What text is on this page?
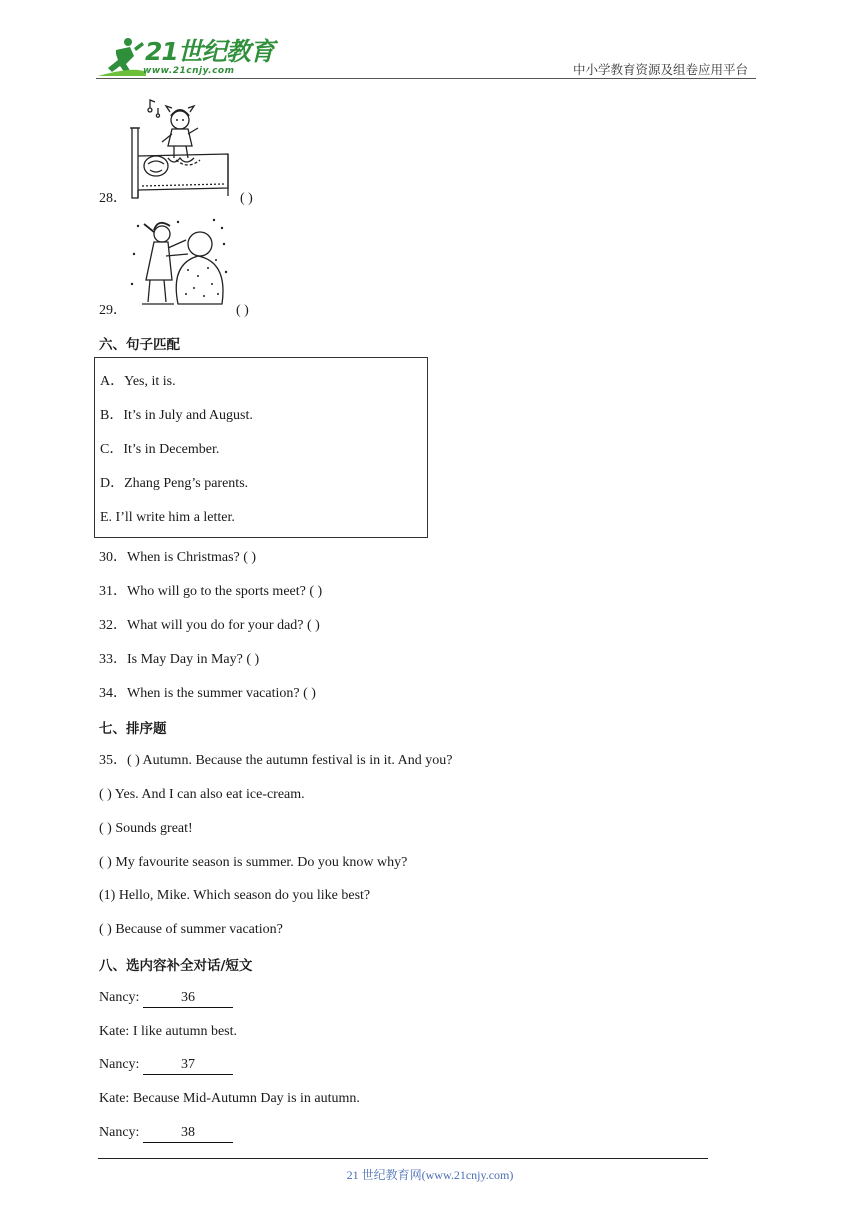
21世纪教育
www.21cnjy.com	中小学教育资源及组卷应用平台
28．	( )
29．	( )
六、句子匹配
A．Yes, it is.
B．It’s in July and August.
C．It’s in December.
D．Zhang Peng’s parents.
E. I’ll write him a letter.
30．When is Christmas? ( )
31．Who will go to the sports meet? ( )
32．What will you do for your dad? ( )
33．Is May Day in May? ( )
34．When is the summer vacation? ( )
七、排序题
35．( ) Autumn. Because the autumn festival is in it. And you?
( ) Yes. And I can also eat ice-cream.
( ) Sounds great!
( ) My favourite season is summer. Do you know why?
(1) Hello, Mike. Which season do you like best?
( ) Because of summer vacation?
八、选内容补全对话/短文
Nancy:	36
Kate: I like autumn best.
Nancy:	37
Kate: Because Mid-Autumn Day is in autumn.
Nancy:	38
21 世纪教育网(www.21cnjy.com)
